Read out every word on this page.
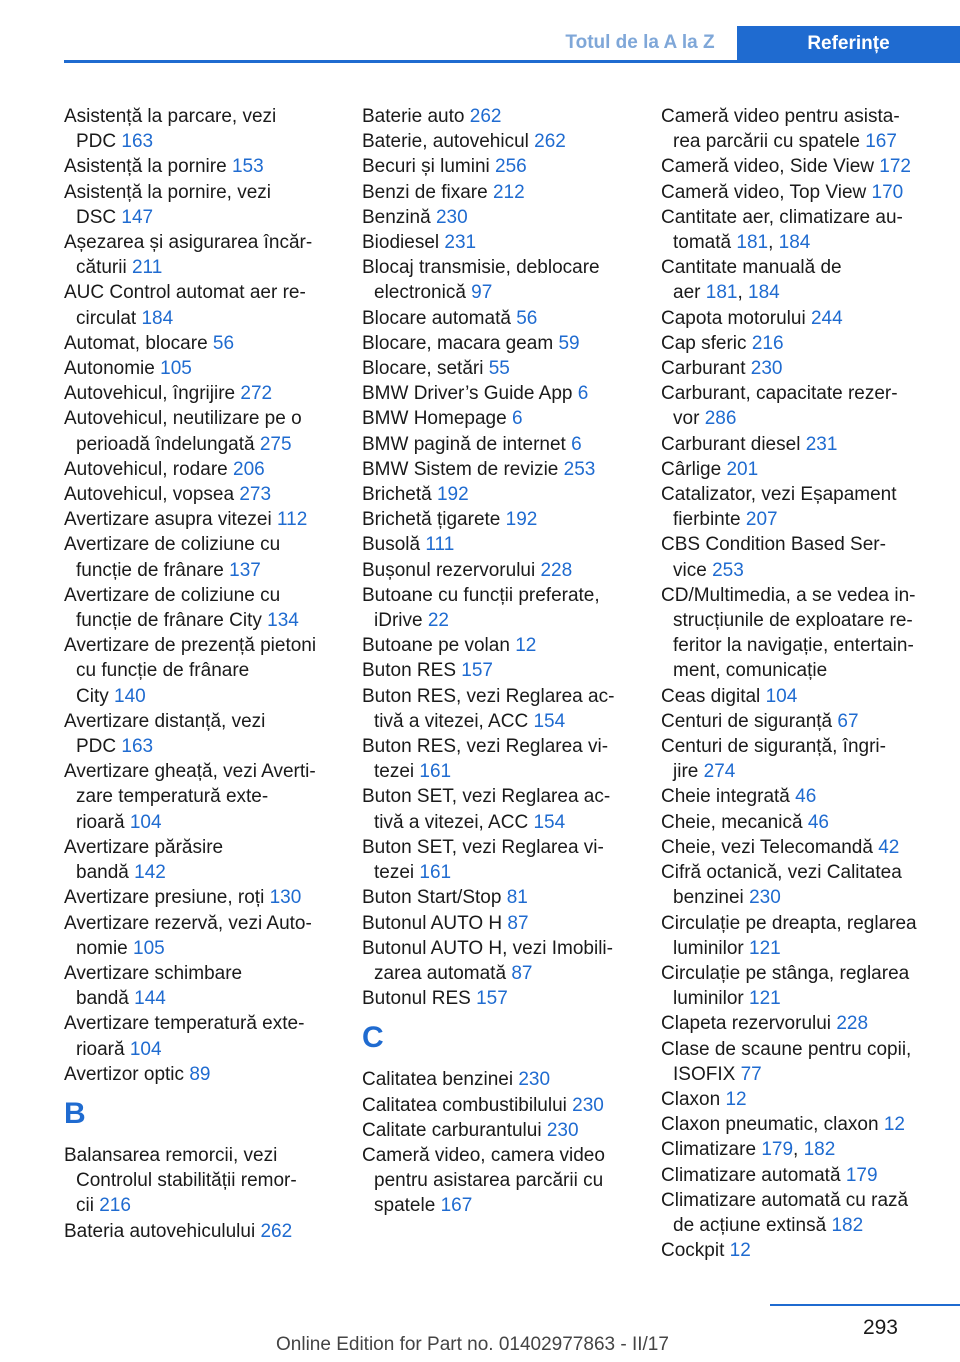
Totul de la A la Z	Referințe
Asistență la parcare, vezi
PDC 163
Asistență la pornire 153
Asistență la pornire, vezi
DSC 147
Așezarea și asigurarea încăr‐
căturii 211
AUC Control automat aer re‐
circulat 184
Automat, blocare 56
Autonomie 105
Autovehicul, îngrijire 272
Autovehicul, neutilizare pe o
perioadă îndelungată 275
Autovehicul, rodare 206
Autovehicul, vopsea 273
Avertizare asupra vitezei 112
Avertizare de coliziune cu
funcție de frânare 137
Avertizare de coliziune cu
funcție de frânare City 134
Avertizare de prezență pietoni
cu funcție de frânare
City 140
Avertizare distanță, vezi
PDC 163
Avertizare gheață, vezi Averti‐
zare temperatură exte‐
rioară 104
Avertizare părăsire
bandă 142
Avertizare presiune, roți 130
Avertizare rezervă, vezi Auto‐
nomie 105
Avertizare schimbare
bandă 144
Avertizare temperatură exte‐
rioară 104
Avertizor optic 89
B
Balansarea remorcii, vezi
Controlul stabilității remor‐
cii 216
Bateria autovehiculului 262
Baterie auto 262
Baterie, autovehicul 262
Becuri și lumini 256
Benzi de fixare 212
Benzină 230
Biodiesel 231
Blocaj transmisie, deblocare
electronică 97
Blocare automată 56
Blocare, macara geam 59
Blocare, setări 55
BMW Driver’s Guide App 6
BMW Homepage 6
BMW pagină de internet 6
BMW Sistem de revizie 253
Brichetă 192
Brichetă țigarete 192
Busolă 111
Bușonul rezervorului 228
Butoane cu funcții preferate,
iDrive 22
Butoane pe volan 12
Buton RES 157
Buton RES, vezi Reglarea ac‐
tivă a vitezei, ACC 154
Buton RES, vezi Reglarea vi‐
tezei 161
Buton SET, vezi Reglarea ac‐
tivă a vitezei, ACC 154
Buton SET, vezi Reglarea vi‐
tezei 161
Buton Start/Stop 81
Butonul AUTO H 87
Butonul AUTO H, vezi Imobili‐
zarea automată 87
Butonul RES 157
C
Calitatea benzinei 230
Calitatea combustibilului 230
Calitate carburantului 230
Cameră video, camera video
pentru asistarea parcării cu
spatele 167
Cameră video pentru asista‐
rea parcării cu spatele 167
Cameră video, Side View 172
Cameră video, Top View 170
Cantitate aer, climatizare au‐
tomată 181, 184
Cantitate manuală de
aer 181, 184
Capota motorului 244
Cap sferic 216
Carburant 230
Carburant, capacitate rezer‐
vor 286
Carburant diesel 231
Cârlige 201
Catalizator, vezi Eșapament
fierbinte 207
CBS Condition Based Ser‐
vice 253
CD/Multimedia, a se vedea in‐
strucțiunile de exploatare re‐
feritor la navigație, entertain‐
ment, comunicație
Ceas digital 104
Centuri de siguranță 67
Centuri de siguranță, îngri‐
jire 274
Cheie integrată 46
Cheie, mecanică 46
Cheie, vezi Telecomandă 42
Cifră octanică, vezi Calitatea
benzinei 230
Circulație pe dreapta, reglarea
luminilor 121
Circulație pe stânga, reglarea
luminilor 121
Clapeta rezervorului 228
Clase de scaune pentru copii,
ISOFIX 77
Claxon 12
Claxon pneumatic, claxon 12
Climatizare 179, 182
Climatizare automată 179
Climatizare automată cu rază
de acțiune extinsă 182
Cockpit 12
293
Online Edition for Part no. 01402977863 - II/17
